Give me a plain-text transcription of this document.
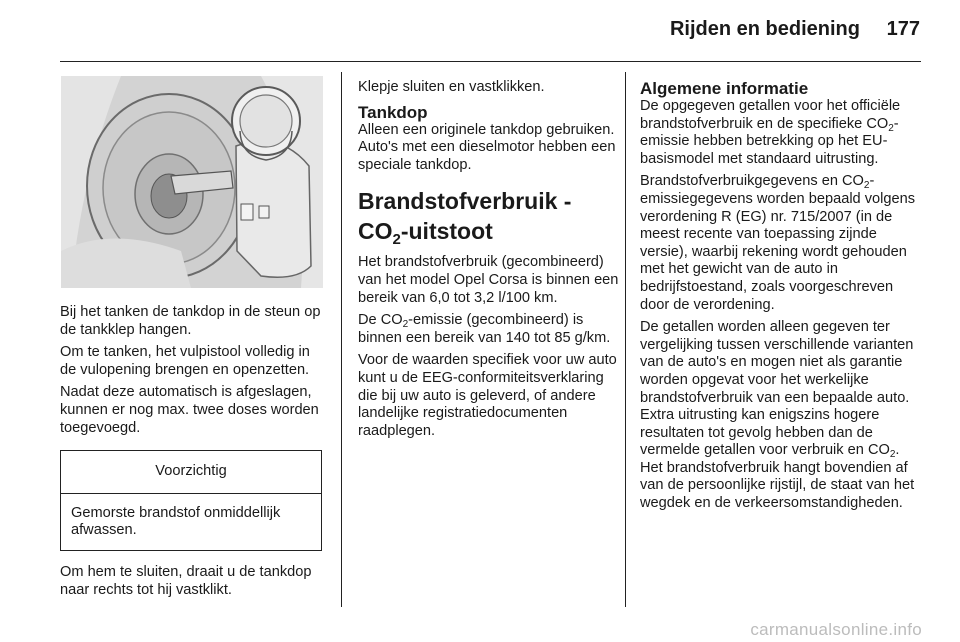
Rijden en bediening	177

Bij het tanken de tankdop in de steun op de tankklep hangen.

Om te tanken, het vulpistool volledig in de vulopening brengen en openzetten.

Nadat deze automatisch is afgeslagen, kunnen er nog max. twee doses worden toegevoegd.

Voorzichtig
Gemorste brandstof onmiddellijk afwassen.

Om hem te sluiten, draait u de tankdop naar rechts tot hij vastklikt.

Klepje sluiten en vastklikken.

Tankdop

Alleen een originele tankdop gebruiken. Auto's met een dieselmotor hebben een speciale tankdop.

Brandstofverbruik -
$CO_2$-uitstoot

Het brandstofverbruik (gecombineerd) van het model Opel Corsa is binnen een bereik van 6,0 tot 3,2 l/100 km.

De $CO_2$-emissie (gecombineerd) is binnen een bereik van 140 tot 85 g/km.

Voor de waarden specifiek voor uw auto kunt u de EEG-conformiteitsverklaring die bij uw auto is geleverd, of andere landelijke registratiedocumenten raadplegen.

Algemene informatie

De opgegeven getallen voor het officiële brandstofverbruik en de specifieke $CO_2$-emissie hebben betrekking op het EU-basismodel met standaard uitrusting.

Brandstofverbruikgegevens en $CO_2$-emissiegegevens worden bepaald volgens verordening R (EG) nr. 715/2007 (in de meest recente van toepassing zijnde versie), waarbij rekening wordt gehouden met het gewicht van de auto in bedrijfstoestand, zoals voorgeschreven door de verordening.

De getallen worden alleen gegeven ter vergelijking tussen verschillende varianten van de auto's en mogen niet als garantie worden opgevat voor het werkelijke brandstofverbruik van een bepaalde auto. Extra uitrusting kan enigszins hogere resultaten tot gevolg hebben dan de vermelde getallen voor verbruik en $CO_2$. Het brandstofverbruik hangt bovendien af van de persoonlijke rijstijl, de staat van het wegdek en de verkeersomstandigheden.

carmanualsonline.info
